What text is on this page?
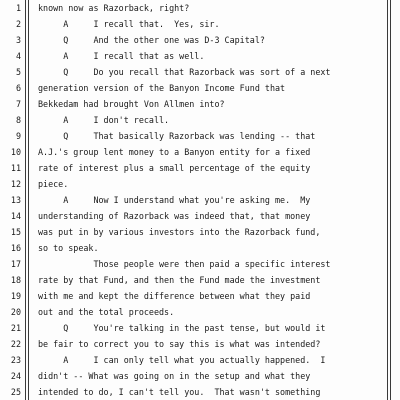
1 known now as Razorback, right?
2 A     I recall that.  Yes, sir.
3 Q     And the other one was D-3 Capital?
4 A     I recall that as well.
5 Q     Do you recall that Razorback was sort of a next
6 generation version of the Banyon Income Fund that
7 Bekkedam had brought Von Allmen into?
8 A     I don't recall.
9 Q     That basically Razorback was lending -- that
10 A.J.'s group lent money to a Banyon entity for a fixed
11 rate of interest plus a small percentage of the equity
12 piece.
13 A     Now I understand what you're asking me.  My
14 understanding of Razorback was indeed that, that money
15 was put in by various investors into the Razorback fund,
16 so to speak.
17 Those people were then paid a specific interest
18 rate by that Fund, and then the Fund made the investment
19 with me and kept the difference between what they paid
20 out and the total proceeds.
21 Q     You're talking in the past tense, but would it
22 be fair to correct you to say this is what was intended?
23 A     I can only tell what you actually happened.  I
24 didn't -- What was going on in the setup and what they
25 intended to do, I can't tell you.  That wasn't something
